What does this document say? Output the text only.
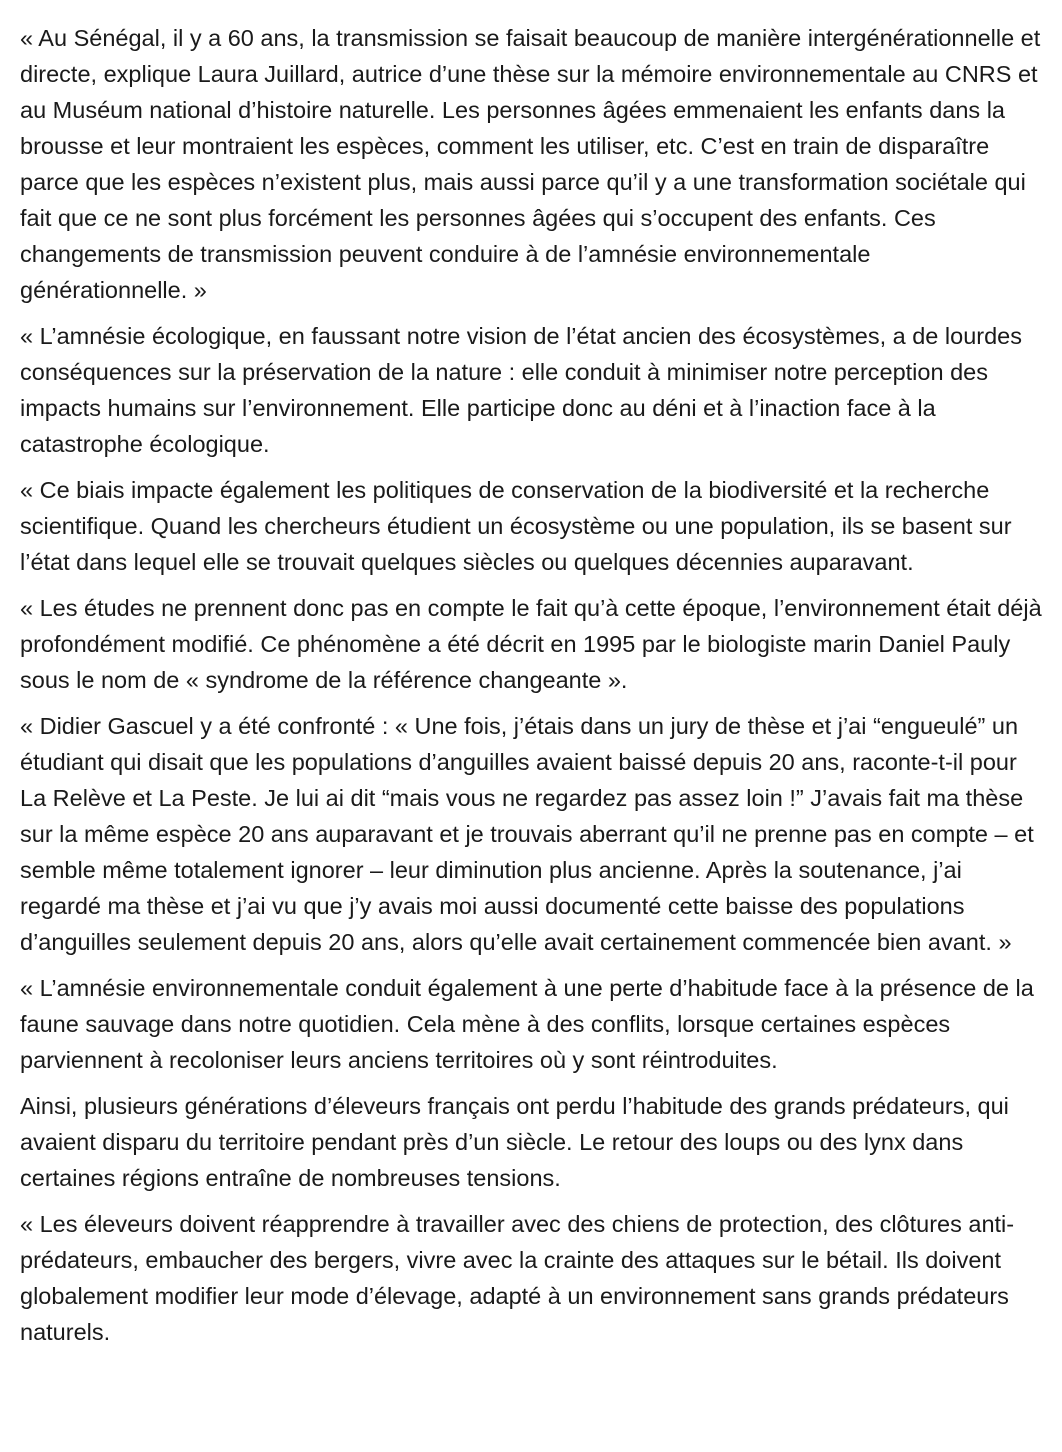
« Au Sénégal, il y a 60 ans, la transmission se faisait beaucoup de manière intergénérationnelle et directe, explique Laura Juillard, autrice d’une thèse sur la mémoire environnementale au CNRS et au Muséum national d’histoire naturelle. Les personnes âgées emmenaient les enfants dans la brousse et leur montraient les espèces, comment les utiliser, etc. C’est en train de disparaître parce que les espèces n’existent plus, mais aussi parce qu’il y a une transformation sociétale qui fait que ce ne sont plus forcément les personnes âgées qui s’occupent des enfants. Ces changements de transmission peuvent conduire à de l’amnésie environnementale générationnelle. »

« L’amnésie écologique, en faussant notre vision de l’état ancien des écosystèmes, a de lourdes conséquences sur la préservation de la nature : elle conduit à minimiser notre perception des impacts humains sur l’environnement. Elle participe donc au déni et à l’inaction face à la catastrophe écologique.

« Ce biais impacte également les politiques de conservation de la biodiversité et la recherche scientifique. Quand les chercheurs étudient un écosystème ou une population, ils se basent sur l’état dans lequel elle se trouvait quelques siècles ou quelques décennies auparavant.

« Les études ne prennent donc pas en compte le fait qu’à cette époque, l’environnement était déjà profondément modifié. Ce phénomène a été décrit en 1995 par le biologiste marin Daniel Pauly sous le nom de « syndrome de la référence changeante ».

« Didier Gascuel y a été confronté : « Une fois, j’étais dans un jury de thèse et j’ai “engueulé” un étudiant qui disait que les populations d’anguilles avaient baissé depuis 20 ans, raconte-t-il pour La Relève et La Peste. Je lui ai dit “mais vous ne regardez pas assez loin !” J’avais fait ma thèse sur la même espèce 20 ans auparavant et je trouvais aberrant qu’il ne prenne pas en compte – et semble même totalement ignorer – leur diminution plus ancienne. Après la soutenance, j’ai regardé ma thèse et j’ai vu que j’y avais moi aussi documenté cette baisse des populations d’anguilles seulement depuis 20 ans, alors qu’elle avait certainement commencée bien avant. »

« L’amnésie environnementale conduit également à une perte d’habitude face à la présence de la faune sauvage dans notre quotidien. Cela mène à des conflits, lorsque certaines espèces parviennent à recoloniser leurs anciens territoires où y sont réintroduites.

Ainsi, plusieurs générations d’éleveurs français ont perdu l’habitude des grands prédateurs, qui avaient disparu du territoire pendant près d’un siècle. Le retour des loups ou des lynx dans certaines régions entraîne de nombreuses tensions.

« Les éleveurs doivent réapprendre à travailler avec des chiens de protection, des clôtures anti-prédateurs, embaucher des bergers, vivre avec la crainte des attaques sur le bétail. Ils doivent globalement modifier leur mode d’élevage, adapté à un environnement sans grands prédateurs naturels.
